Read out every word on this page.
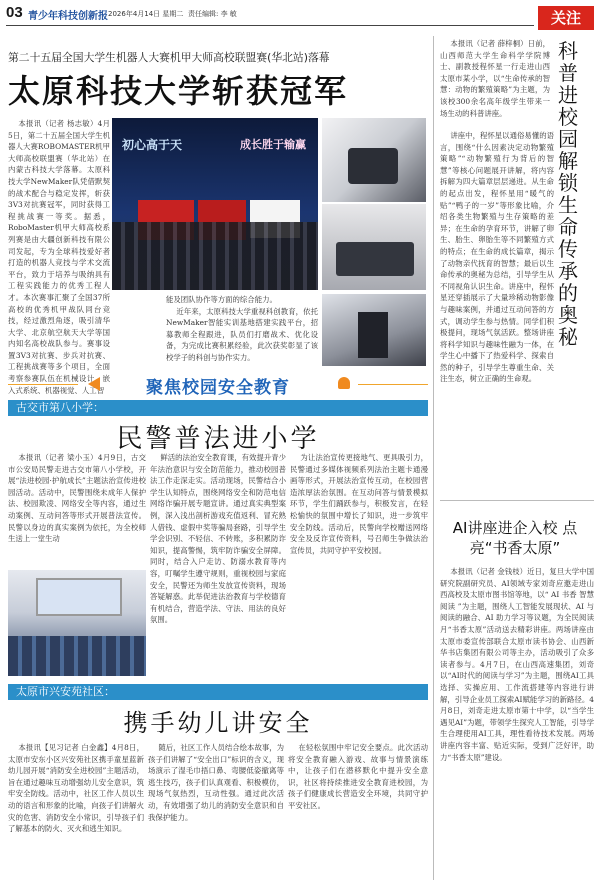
03 青少年科技创新报 2026年4月14日 星期二 责任编辑: 李 敏	关注
第二十五届全国大学生机器人大赛机甲大师高校联盟赛(华北站)落幕
太原科技大学斩获冠军

本报讯（记者 杨志敏）4月5日，第二十五届全国大学生机器人大赛ROBOMASTER机甲大师高校联盟赛（华北站）在内蒙古科技大学落幕。太原科技大学NewMaker队凭借默契的战术配合与稳定发挥，斩获3V3对抗赛冠军，同时获得工程挑战赛一等奖。据悉，RoboMaster机甲大师高校系列赛是由大疆创新科技有限公司发起，专为全球科技爱好者打造的机器人竞技与学术交流平台，致力于培养与吸纳具有工程实践能力的优秀工程人才。本次赛事汇聚了全国37所高校的优秀机甲战队同台竞技，经过激烈角逐，吸引清华大学、北京航空航天大学等国内知名高校战队参与。赛事设置3V3对抗赛、步兵对抗赛、工程挑战赛等多个项目，全面考察参赛队伍在机械设计、嵌入式系统、机器视觉、人工智

初心高于天	成长胜于输赢

能及团队协作等方面的综合能力。

近年来，太原科技大学重视科创教育，依托NewMaker智能实训基地搭建实践平台，招募教师全程跟进，队员们打磨战术、优化设备，为完成比赛积累经验，此次获奖彰显了该校学子的科创与协作实力。

聚焦校园安全教育
古交市第八小学：
民警普法进小学

本报讯（记者 梁小玉）4月9日，古交市公安局民警走进古交市第八小学校，开展“法进校园·护航成长”主题法治宣传进校园活动。活动中，民警围绕未成年人保护法、校园欺凌、网络安全等内容，通过生动案例、互动问答等形式开展普法宣传。民警以身边的真实案例为依托，为全校师生送上一堂生动

鲜活的法治安全教育课，有效提升青少年法治意识与安全防范能力，推动校园普法工作走深走实。活动现场，民警结合小学生认知特点，围绕网络安全和防范电信网络诈骗开展专题宣讲。通过真实典型案例，深入浅出剖析游戏充值返利、冒充熟人借钱、虚假中奖等骗局套路，引导学生学会识别、不轻信、不转账，多积累防诈知识，提高警惕，筑牢防诈骗安全屏障。同时，结合入户走访、防溺水教育等内容，叮嘱学生遵守规则，重视校园与家庭安全，民警还为师生发放宣传资料，现场答疑解惑。此举促进法治教育与学校德育有机结合，营造学法、守法、用法的良好氛围。

为让法治宣传更接地气、更具吸引力，民警通过多媒体视频系列法治主题卡通漫画等形式，开展法治宣传互动，在校园营造浓厚法治氛围。在互动问答与情景模拟环节，学生们踊跃参与，积极发言，在轻松愉快的氛围中增长了知识，进一步筑牢安全防线。活动后，民警向学校赠送网络安全及反诈宣传资料，号召师生争做法治宣传员，共同守护平安校园。

太原市兴安苑社区：
携手幼儿讲安全

本报讯【见习记者 白金鑫】4月8日，太原市安东小区兴安苑社区携手童星蓝新幼儿园开展“消防安全进校园”主题活动，旨在通过趣味互动增强幼儿安全意识，筑牢安全防线。活动中，社区工作人员以生动的语言和形象的比喻，向孩子们讲解火灾的危害、消防安全小常识，引导孩子们了解基本的防火、灭火和逃生知识。

随后，社区工作人员结合绘本故事，为孩子们讲解了“安全出口”标识的含义，现场演示了湿毛巾捂口鼻、弯腰低姿撤离等逃生技巧，孩子们认真观看、积极模仿，现场气氛热烈，互动性强。通过此次活动，有效增强了幼儿的消防安全意识和自我保护能力。

在轻松氛围中牢记安全要点。此次活动将安全教育融入游戏、故事与情景演练中，让孩子们在潜移默化中提升安全意识，社区将持续推进安全教育进校园，为孩子们健康成长营造安全环境，共同守护平安社区。

本报讯（记者 薛梓桐）日前，山西师范大学生命科学学院博士、副教授程怀星一行走进山西太原市某小学，以“生命传承的智慧：动物的繁殖策略”为主题，为该校300余名高年级学生带来一场生动的科普讲座。

科普进校园 解锁生命传承的奥秘

讲座中，程怀星以通俗易懂的语言，围绕“什么因素决定动物繁殖策略”“动物繁殖行为背后的智慧”等核心问题展开讲解，将内容拆解为四大篇章层层递进。从生命的起点出发，程怀星用“暖气的贴”“鸭子的一岁”等形象比喻，介绍各类生物繁殖与生存策略的差异；在生命的孕育环节，讲解了卵生、胎生、卵胎生等不同繁殖方式的特点；在生命的成长篇章，揭示了动物亲代抚育的智慧；最后以生命传承的奥秘为总结，引导学生从不同视角认识生命。讲座中，程怀星还穿插展示了大量珍稀动物影像与趣味案例，并通过互动问答的方式，调动学生参与热情。同学们积极提问，现场气氛活跃。整场讲座将科学知识与趣味性融为一体，在学生心中播下了热爱科学、探索自然的种子，引导学生尊重生命、关注生态，树立正确的生命观。

AI讲座进企入校 点亮“书香太原”

本报讯（记者 金钱枝）近日，复旦大学中国研究院副研究员、AI领域专家刘奇应邀走进山西高校及太原市图书馆等地，以“ AI 书香 智慧阅读 ”为主题，围绕人工智能发展现状、AI 与阅读的融合、AI 助力学习等议题，为全民阅读月“书香太原”活动送去精彩讲座。两场讲座由太原市委宣传部联合太原市读书协会、山西新华书店集团有限公司等主办，活动吸引了众多读者参与。4月7日，在山西高速集团，刘奇以“AI时代的阅读与学习”为主题，围绕AI工具选择、实操应用、工作流搭建等内容进行讲解，引导企业员工探索AI赋能学习的新路径。4月8日，刘奇走进太原市第十中学，以“当学生遇见AI”为题，带领学生探究人工智能，引导学生合理使用AI工具，理性看待技术发展。两场讲座内容丰富、贴近实际，受到广泛好评，助力“书香太原”建设。
